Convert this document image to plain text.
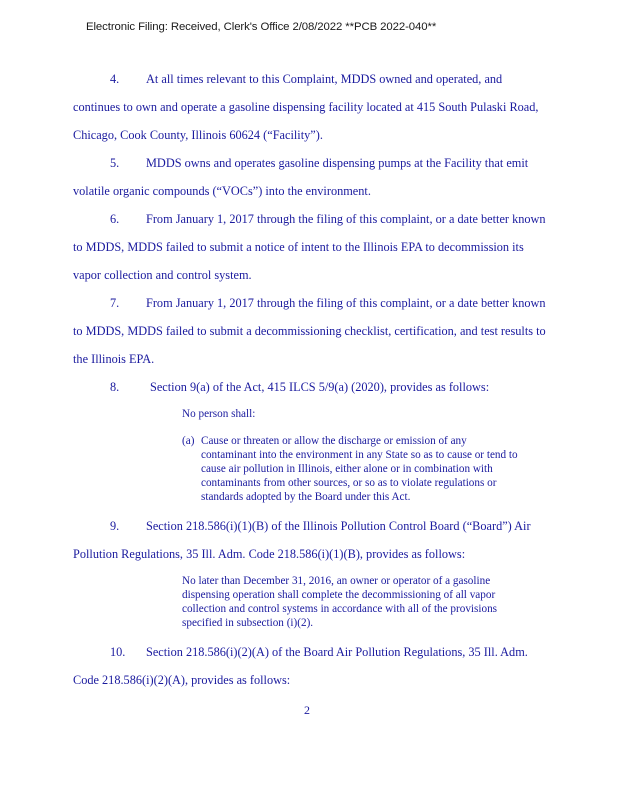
Electronic Filing: Received, Clerk's Office 2/08/2022 **PCB 2022-040**
4. At all times relevant to this Complaint, MDDS owned and operated, and
continues to own and operate a gasoline dispensing facility located at 415 South Pulaski Road,
Chicago, Cook County, Illinois 60624 (“Facility”).
5. MDDS owns and operates gasoline dispensing pumps at the Facility that emit
volatile organic compounds (“VOCs”) into the environment.
6. From January 1, 2017 through the filing of this complaint, or a date better known
to MDDS, MDDS failed to submit a notice of intent to the Illinois EPA to decommission its
vapor collection and control system.
7. From January 1, 2017 through the filing of this complaint, or a date better known
to MDDS, MDDS failed to submit a decommissioning checklist, certification, and test results to
the Illinois EPA.
8.	Section 9(a) of the Act, 415 ILCS 5/9(a) (2020), provides as follows:
No person shall:
(a) Cause or threaten or allow the discharge or emission of any
contaminant into the environment in any State so as to cause or tend to
cause air pollution in Illinois, either alone or in combination with
contaminants from other sources, or so as to violate regulations or
standards adopted by the Board under this Act.
9. Section 218.586(i)(1)(B) of the Illinois Pollution Control Board (“Board”) Air
Pollution Regulations, 35 Ill. Adm. Code 218.586(i)(1)(B), provides as follows:
No later than December 31, 2016, an owner or operator of a gasoline
dispensing operation shall complete the decommissioning of all vapor
collection and control systems in accordance with all of the provisions
specified in subsection (i)(2).
10. Section 218.586(i)(2)(A) of the Board Air Pollution Regulations, 35 Ill. Adm.
Code 218.586(i)(2)(A), provides as follows:
2
